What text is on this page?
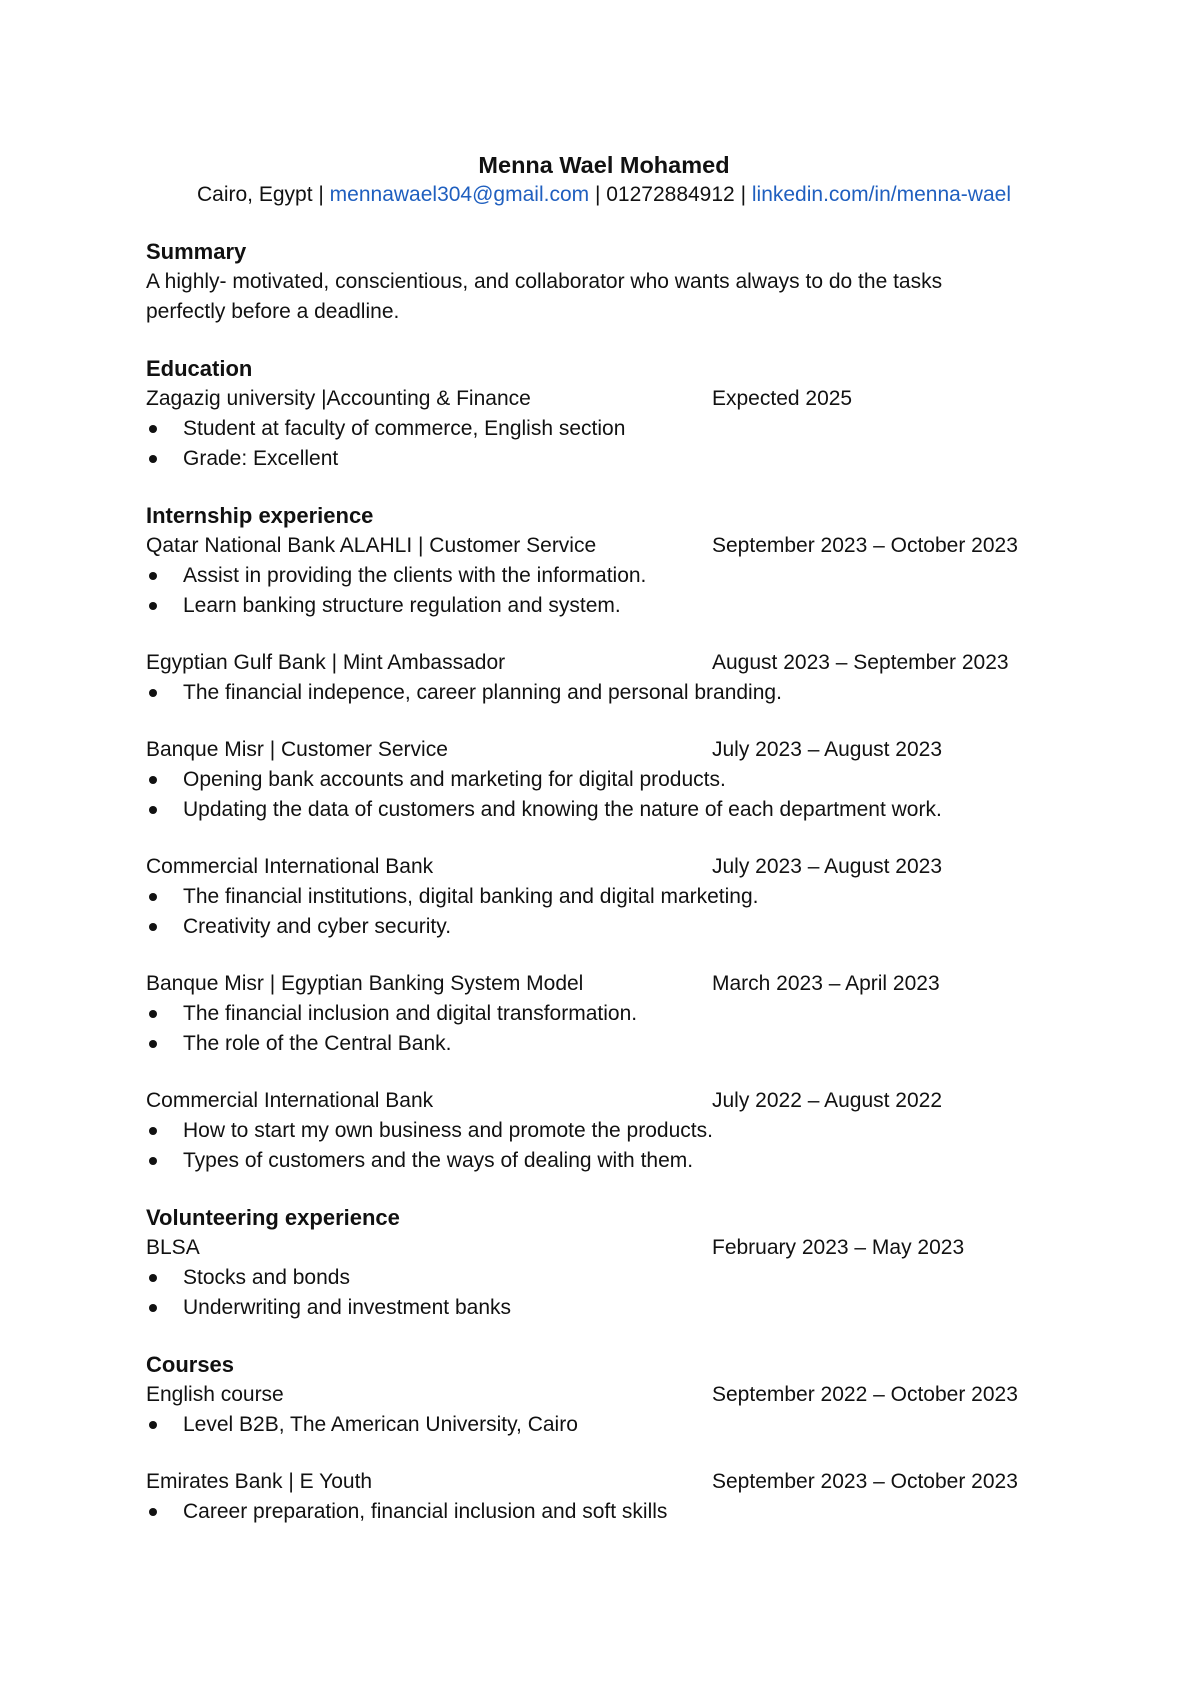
Menna Wael Mohamed
Cairo, Egypt | mennawael304@gmail.com | 01272884912 | linkedin.com/in/menna-wael
Summary
A highly- motivated, conscientious, and collaborator who wants always to do the tasks
perfectly before a deadline.
Education
Zagazig university |Accounting & Finance	Expected 2025
Student at faculty of commerce, English section
Grade: Excellent
Internship experience
Qatar National Bank ALAHLI | Customer Service	September 2023 – October 2023
Assist in providing the clients with the information.
Learn banking structure regulation and system.
Egyptian Gulf Bank | Mint Ambassador	August 2023 – September 2023
The financial indepence, career planning and personal branding.
Banque Misr | Customer Service	July 2023 – August 2023
Opening bank accounts and marketing for digital products.
Updating the data of customers and knowing the nature of each department work.
Commercial International Bank	July 2023 – August 2023
The financial institutions, digital banking and digital marketing.
Creativity and cyber security.
Banque Misr | Egyptian Banking System Model	March 2023 – April 2023
The financial inclusion and digital transformation.
The role of the Central Bank.
Commercial International Bank	July 2022 – August 2022
How to start my own business and promote the products.
Types of customers and the ways of dealing with them.
Volunteering experience
BLSA	February 2023 – May 2023
Stocks and bonds
Underwriting and investment banks
Courses
English course	September 2022 – October 2023
Level B2B, The American University, Cairo
Emirates Bank | E Youth	September 2023 – October 2023
Career preparation, financial inclusion and soft skills
